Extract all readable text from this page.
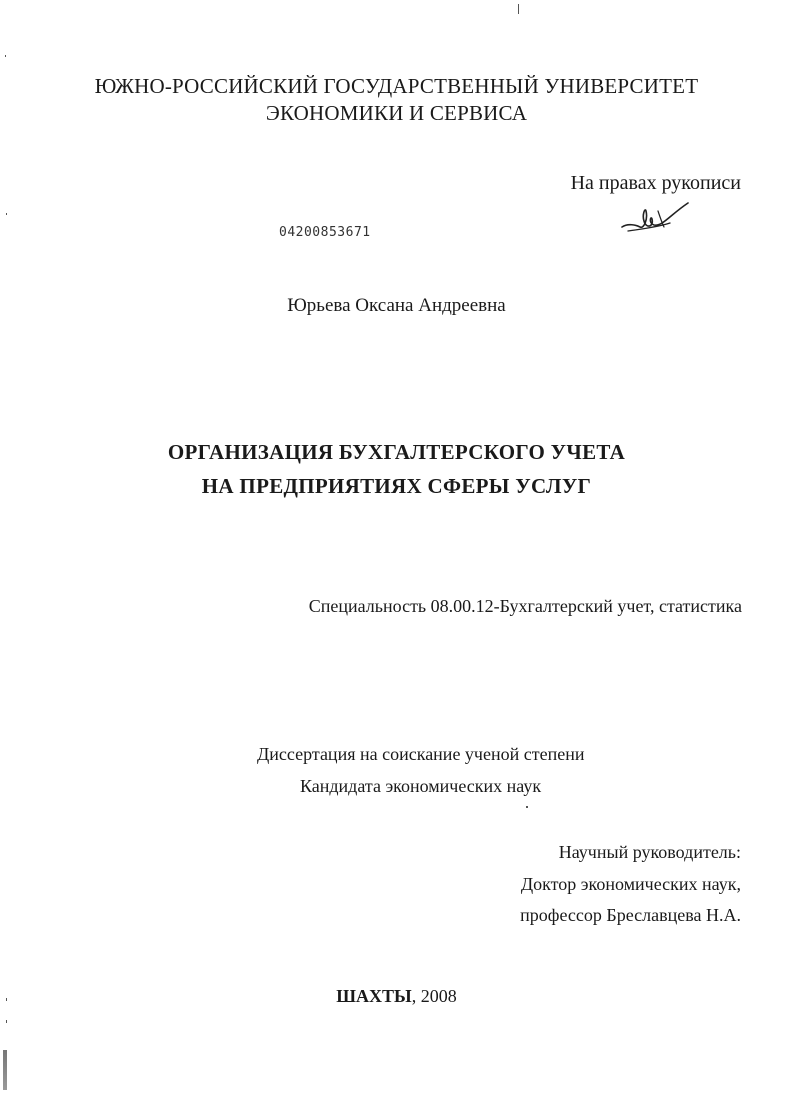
ЮЖНО-РОССИЙСКИЙ ГОСУДАРСТВЕННЫЙ УНИВЕРСИТЕТ
ЭКОНОМИКИ И СЕРВИСА
На правах рукописи
04200853671
Юрьева Оксана Андреевна
ОРГАНИЗАЦИЯ БУХГАЛТЕРСКОГО УЧЕТА
НА ПРЕДПРИЯТИЯХ СФЕРЫ УСЛУГ
Специальность 08.00.12-Бухгалтерский учет, статистика
Диссертация на соискание ученой степени
Кандидата экономических наук
Научный руководитель:
Доктор экономических наук,
профессор Бреславцева Н.А.
ШАХТЫ, 2008
